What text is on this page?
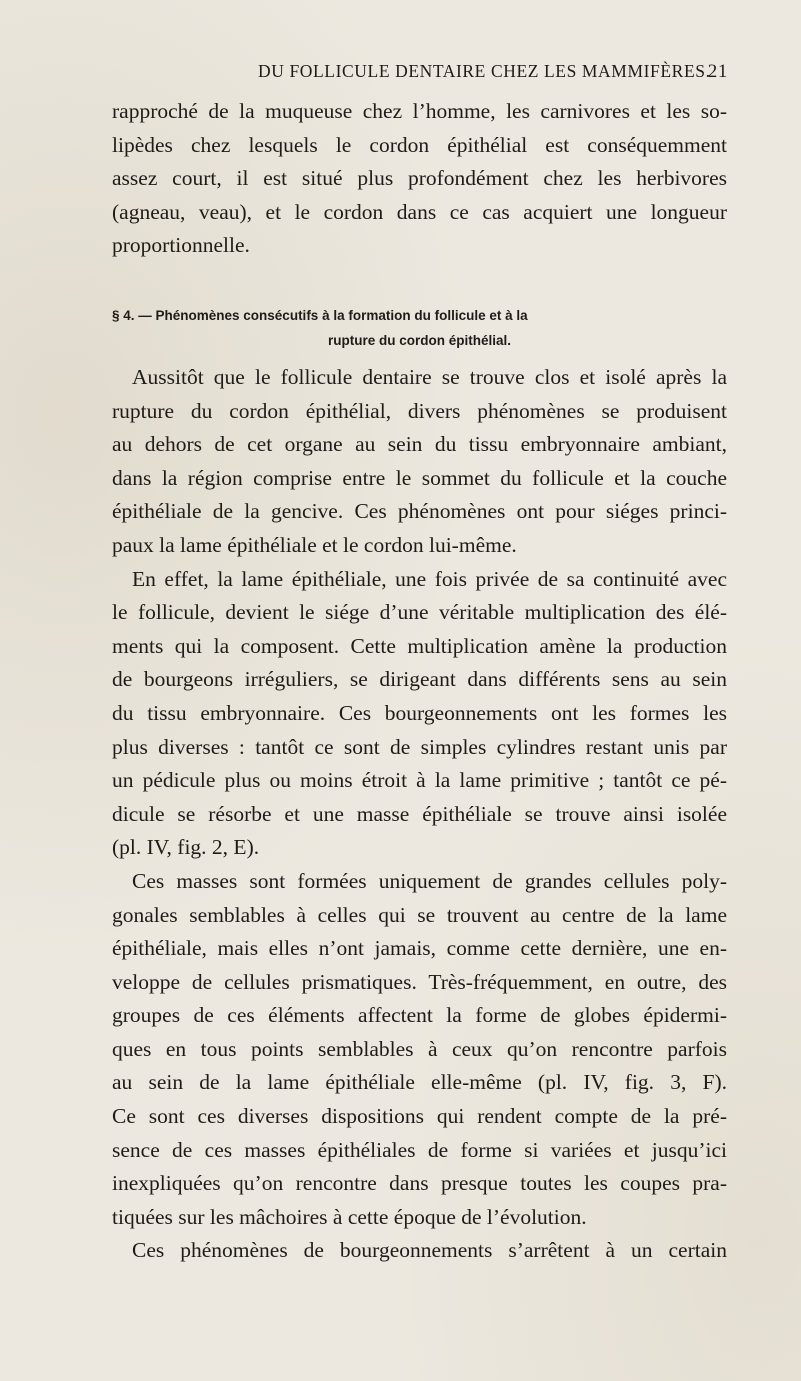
DU FOLLICULE DENTAIRE CHEZ LES MAMMIFÈRES.
21
rapproché de la muqueuse chez l’homme, les carnivores et les so-
lipèdes chez lesquels le cordon épithélial est conséquemment
assez court, il est situé plus profondément chez les herbivores
(agneau, veau), et le cordon dans ce cas acquiert une longueur
proportionnelle.
§ 4. — Phénomènes consécutifs à la formation du follicule et à la
rupture du cordon épithélial.
Aussitôt que le follicule dentaire se trouve clos et isolé après la
rupture du cordon épithélial, divers phénomènes se produisent
au dehors de cet organe au sein du tissu embryonnaire ambiant,
dans la région comprise entre le sommet du follicule et la couche
épithéliale de la gencive. Ces phénomènes ont pour siéges princi-
paux la lame épithéliale et le cordon lui-même.
En effet, la lame épithéliale, une fois privée de sa continuité avec
le follicule, devient le siége d’une véritable multiplication des élé-
ments qui la composent. Cette multiplication amène la production
de bourgeons irréguliers, se dirigeant dans différents sens au sein
du tissu embryonnaire. Ces bourgeonnements ont les formes les
plus diverses : tantôt ce sont de simples cylindres restant unis par
un pédicule plus ou moins étroit à la lame primitive ; tantôt ce pé-
dicule se résorbe et une masse épithéliale se trouve ainsi isolée
(pl. IV, fig. 2, E).
Ces masses sont formées uniquement de grandes cellules poly-
gonales semblables à celles qui se trouvent au centre de la lame
épithéliale, mais elles n’ont jamais, comme cette dernière, une en-
veloppe de cellules prismatiques. Très-fréquemment, en outre, des
groupes de ces éléments affectent la forme de globes épidermi-
ques en tous points semblables à ceux qu’on rencontre parfois
au sein de la lame épithéliale elle-même (pl. IV, fig. 3, F).
Ce sont ces diverses dispositions qui rendent compte de la pré-
sence de ces masses épithéliales de forme si variées et jusqu’ici
inexpliquées qu’on rencontre dans presque toutes les coupes pra-
tiquées sur les mâchoires à cette époque de l’évolution.
Ces phénomènes de bourgeonnements s’arrêtent à un certain
